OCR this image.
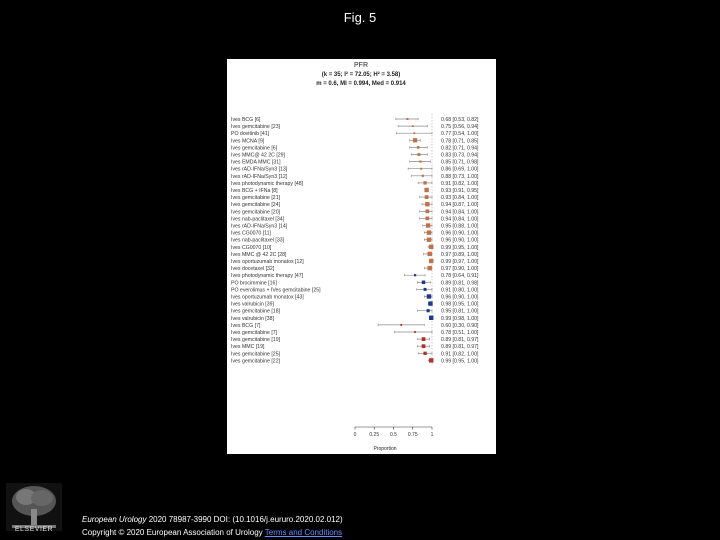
Fig. 5
PFR
(k = 35; I² = 72.05; H² = 3.58)
m = 0.6, MI = 0.994, Med = 0.914
Ives BCG [6]	0.68 [0.53, 0.82]
Ives gemcitabine [23]	0.75 [0.56, 0.94]
PO dovitinib [41]	0.77 [0.54, 1.00]
Ives MCNA [9]	0.78 [0.71, 0.85]
Ives gemcitabine [6]	0.82 [0.71, 0.94]
Ives MMC@ 42 2C [29]	0.83 [0.73, 0.94]
Ives EMDA MMC [31]	0.85 [0.71, 0.98]
Ives rAD-IFNa/Syn3 [13]	0.86 [0.69, 1.00]
Ives rAD-IFNa/Syn3 [12]	0.88 [0.73, 1.00]
Ives photodynamic therapy [48]	0.91 [0.82, 1.00]
Ives BCG + IFNa [8]	0.93 [0.91, 0.95]
Ives gemcitabine [21]	0.93 [0.84, 1.00]
Ives gemcitabine [24]	0.94 [0.87, 1.00]
Ives gemcitabine [20]	0.94 [0.84, 1.00]
Ives nab-paclitaxel [34]	0.94 [0.84, 1.00]
Ives rAD-IFNa/Syn3 [14]	0.95 [0.88, 1.00]
Ives CG0070 [11]	0.96 [0.90, 1.00]
Ives nab-paclitaxel [33]	0.96 [0.90, 1.00]
Ives CG0070 [10]	0.99 [0.95, 1.00]
Ives MMC @ 42 2C [28]	0.97 [0.89, 1.00]
Ives oportuzumab monatox [12]	0.99 [0.97, 1.00]
Ives docetaxel [32]	0.97 [0.90, 1.00]
Ives photodynamic therapy [47]	0.78 [0.64, 0.91]
PO brocimmine [16]	0.89 [0.81, 0.98]
PO everolimus + IVes gemcitabine [25]	0.91 [0.80, 1.00]
Ives oportuzumab monatox [43]	0.96 [0.90, 1.00]
Ives valrubicin [39]	0.98 [0.95, 1.00]
Ives gemcitabine [18]	0.95 [0.81, 1.00]
Ives valrubicin [38]	0.99 [0.98, 1.00]
Ives BCG [7]	0.60 [0.30, 0.90]
Ives gemcitabine [7]	0.78 [0.51, 1.00]
Ives gemcitabine [19]	0.89 [0.81, 0.97]
Ives MMC [19]	0.89 [0.81, 0.97]
Ives gemcitabine [25]	0.91 [0.82, 1.00]
Ives gemcitabine [22]	0.99 [0.95, 1.00]
0	0.25 0.5 0.75	1
Proportion
ELSEVIER
European Urology 2020 78987-3990 DOI: (10.1016/j.eururo.2020.02.012)
Copyright © 2020 European Association of Urology Terms and Conditions
